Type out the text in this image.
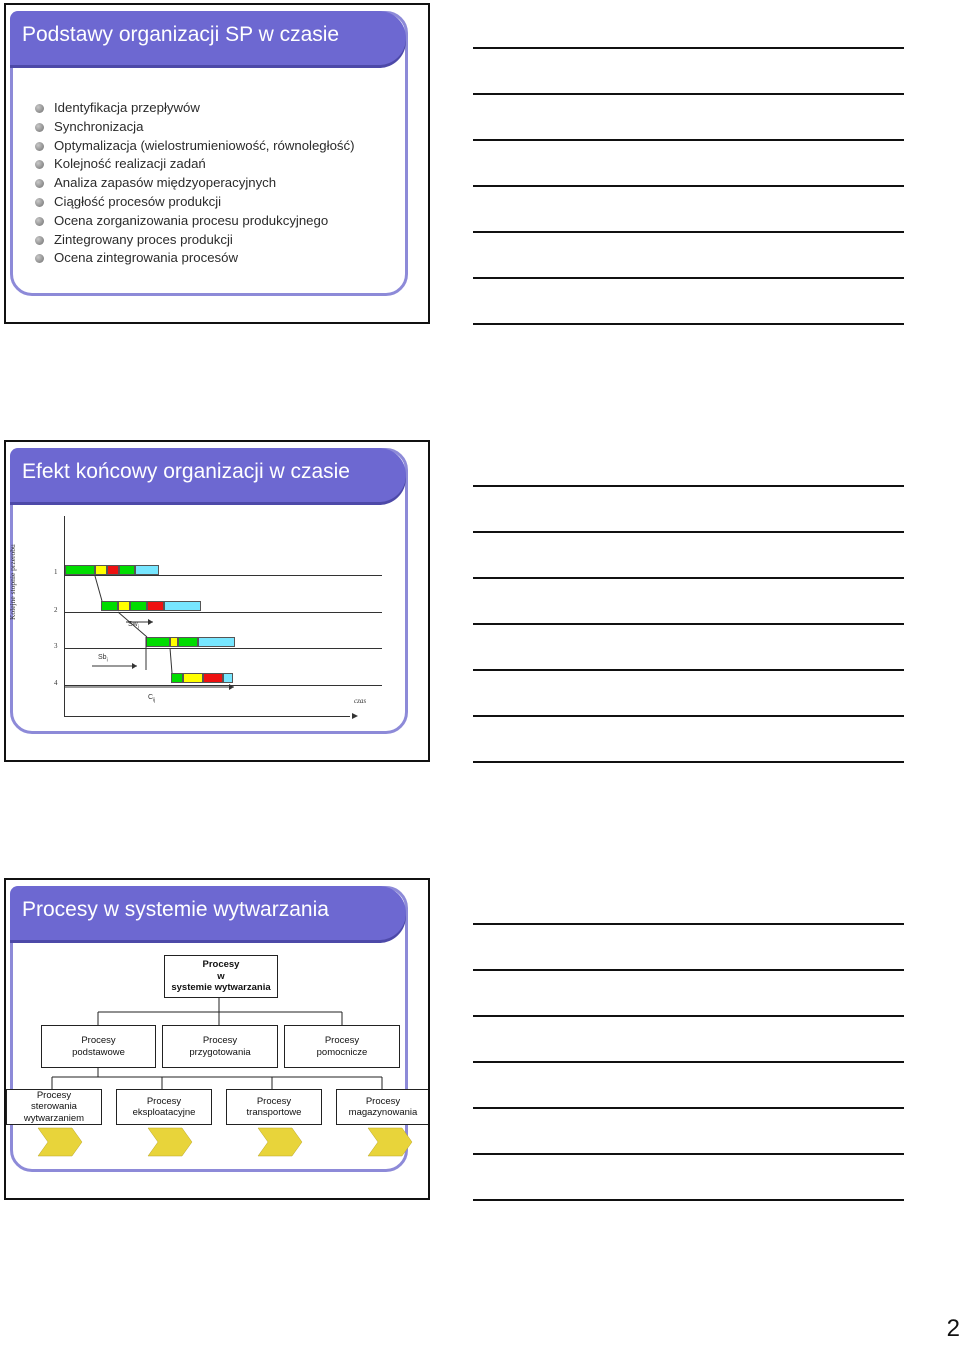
Podstawy organizacji SP w czasie
Identyfikacja przepływów
Synchronizacja
Optymalizacja (wielostrumieniowość, równoległość)
Kolejność realizacji zadań
Analiza zapasów międzyoperacyjnych
Ciągłość procesów produkcji
Ocena zorganizowania procesu produkcyjnego
Zintegrowany proces produkcji
Ocena zintegrowania procesów
Efekt końcowy organizacji w czasie
Kolejne stopnie przerobu	1
2
3
4
$Sw_i$
$Sb_i$
$C_{ij}$	czas
Procesy w systemie wytwarzania
Procesy
w
systemie wytwarzania
Procesy
podstawowe
Procesy
przygotowania
Procesy
pomocnicze
Procesy
sterowania
wytwarzaniem
Procesy
eksploatacyjne
Procesy
transportowe
Procesy
magazynowania
2
